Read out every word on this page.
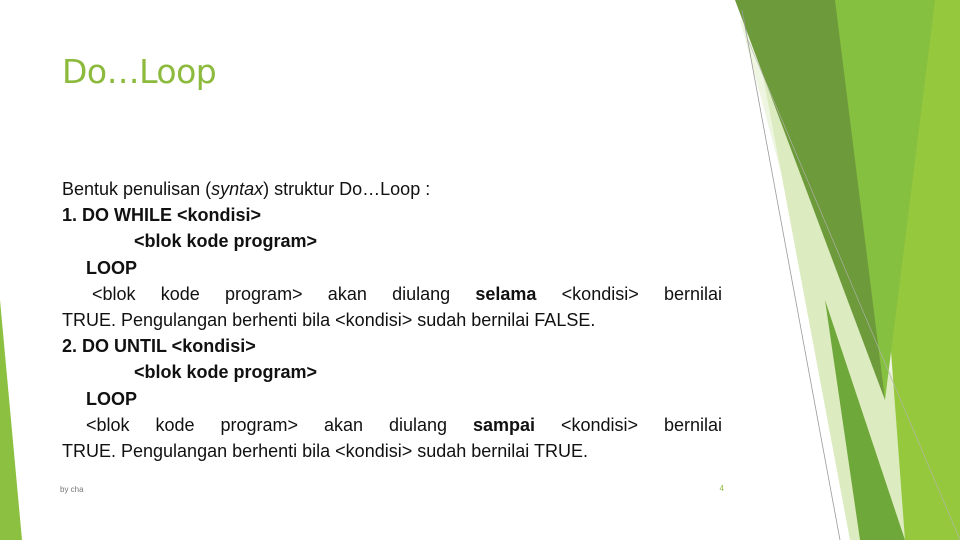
Do…Loop
Bentuk penulisan (syntax) struktur Do…Loop :
1. DO WHILE <kondisi>
<blok kode program>
LOOP
<blok kode program> akan diulang selama <kondisi> bernilai
TRUE. Pengulangan berhenti bila <kondisi> sudah bernilai FALSE.
2. DO UNTIL <kondisi>
<blok kode program>
LOOP
<blok kode program> akan diulang sampai <kondisi> bernilai
TRUE. Pengulangan berhenti bila <kondisi> sudah bernilai TRUE.
by cha	4
